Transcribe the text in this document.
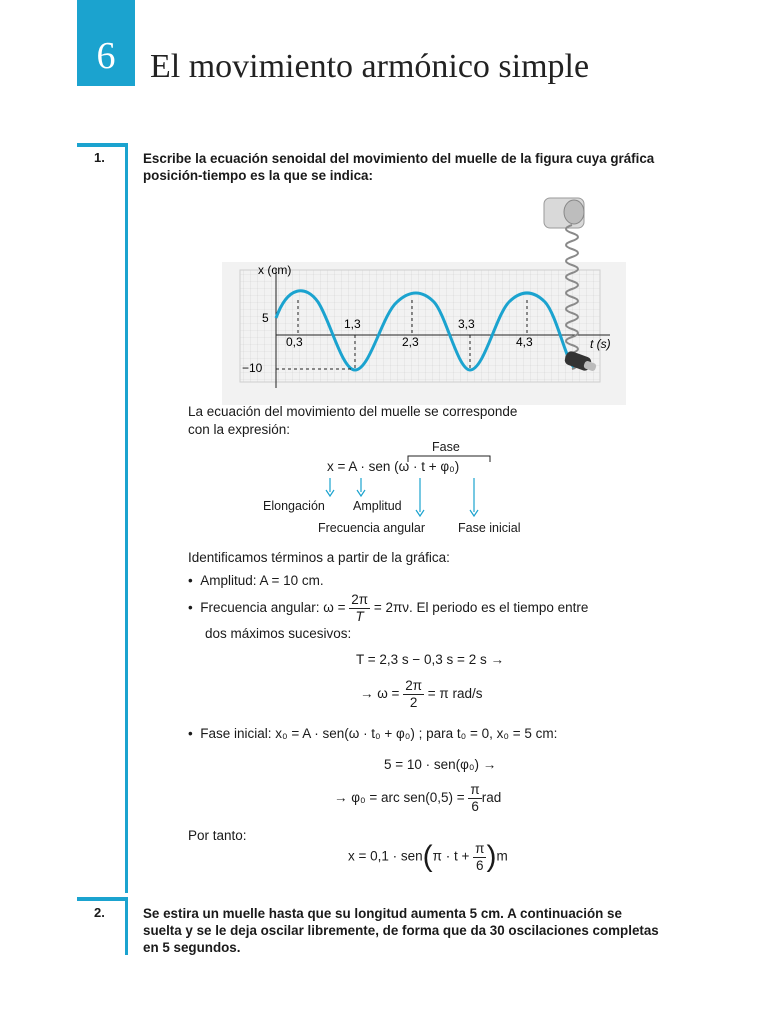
6	El movimiento armónico simple
1.	Escribe la ecuación senoidal del movimiento del muelle de la figura cuya gráfica posición-tiempo es la que se indica:
x (cm)
t (s)
5
−10
0,3
1,3
2,3
3,3
4,3
La ecuación del movimiento del muelle se corresponde
con la expresión:
Fase
x = A · sen (ω · t + φ₀)
Elongación Amplitud
Frecuencia angular	Fase inicial
Identificamos términos a partir de la gráfica:
•  Amplitud: A = 10 cm.
•  Frecuencia angular: $\omega = \frac{2\pi}{T} = 2\pi\nu$. El periodo es el tiempo entre
dos máximos sucesivos:
T = 2,3 s − 0,3 s = 2 s →
→ $\omega = \frac{2\pi}{2} = \pi$ rad/s
•  Fase inicial: x₀ = A · sen(ω · t₀ + φ₀) ; para t₀ = 0, x₀ = 5 cm:
5 = 10 · sen(φ₀) →
→ φ₀ = arc $sen(0,5) = \frac{\pi}{6}$ rad
Por tanto:
$x = 0,1 \cdot sen(\pi \cdot t + \frac{\pi}{6} )m$
2.	Se estira un muelle hasta que su longitud aumenta 5 cm. A continuación se suelta y se le deja oscilar libremente, de forma que da 30 oscilaciones completas en 5 segundos.
